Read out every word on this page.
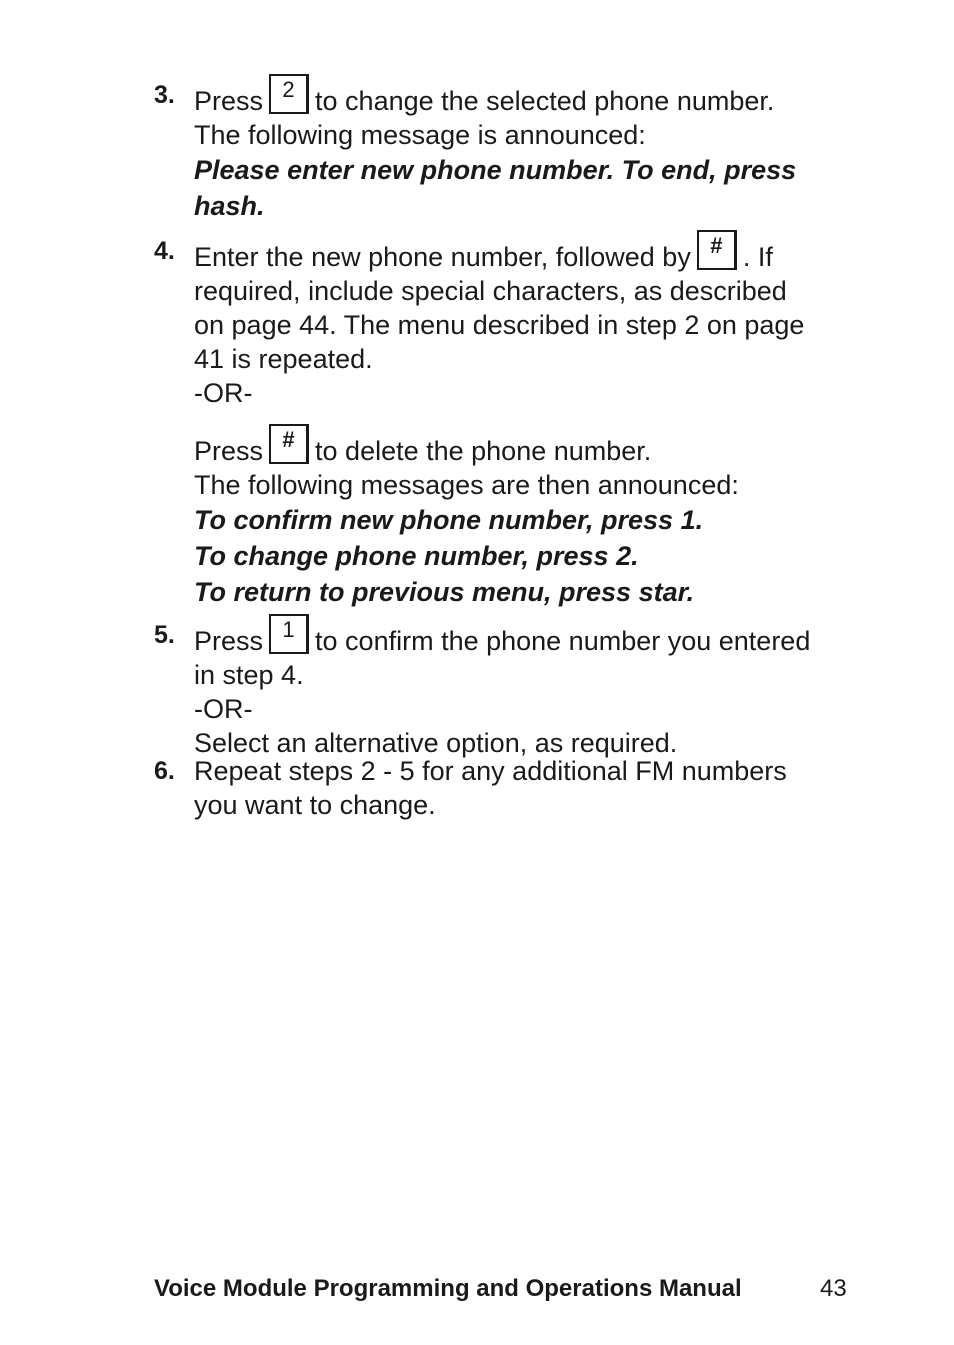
3. Press 2 to change the selected phone number.
The following message is announced:
Please enter new phone number. To end, press
hash.
4. Enter the new phone number, followed by # . If
required, include special characters, as described
on page 44. The menu described in step 2 on page
41 is repeated.
-OR-
Press # to delete the phone number.
The following messages are then announced:
To confirm new phone number, press 1.
To change phone number, press 2.
To return to previous menu, press star.
5. Press 1 to confirm the phone number you entered
in step 4.
-OR-
Select an alternative option, as required.
6. Repeat steps 2 - 5 for any additional FM numbers
you want to change.
Voice Module Programming and Operations Manual	43
